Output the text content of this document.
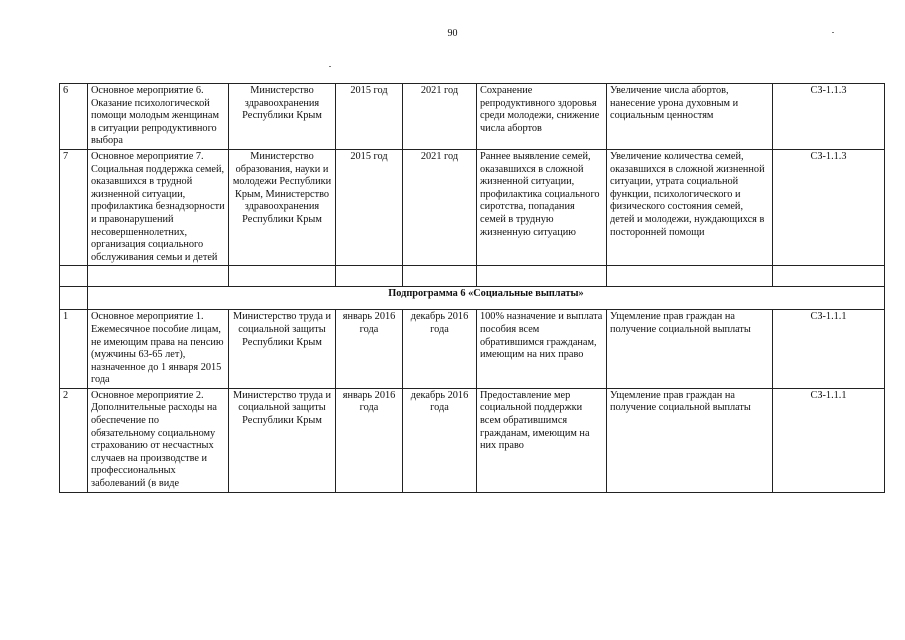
90
6	Основное мероприятие 6. Оказание психологической помощи молодым женщинам в ситуации репродуктивного выбора	Министерство здравоохранения Республики Крым	2015 год	2021 год	Сохранение репродуктивного здоровья среди молодежи, снижение числа абортов	Увеличение числа абортов, нанесение урона духовным и социальным ценностям	СЗ-1.1.3
7	Основное мероприятие 7. Социальная поддержка семей, оказавшихся в трудной жизненной ситуации, профилактика безнадзорности и правонарушений несовершеннолетних, организация социального обслуживания семьи и детей	Министерство образования, науки и молодежи Республики Крым, Министерство здравоохранения Республики Крым	2015 год	2021 год	Раннее выявление семей, оказавшихся в сложной жизненной ситуации, профилактика социального сиротства, попадания семей в трудную жизненную ситуацию	Увеличение количества семей, оказавшихся в сложной жизненной ситуации, утрата социальной функции, психологического и физического состояния семей, детей и молодежи, нуждающихся в посторонней помощи	СЗ-1.1.3

	Подпрограмма 6 «Социальные выплаты»						
1	Основное мероприятие 1. Ежемесячное пособие лицам, не имеющим права на пенсию (мужчины 63-65 лет), назначенное до 1 января 2015 года	Министерство труда и социальной защиты Республики Крым	январь 2016 года	декабрь 2016 года	100% назначение и выплата пособия всем обратившимся гражданам, имеющим на них право	Ущемление прав граждан на получение социальной выплаты	СЗ-1.1.1
2	Основное мероприятие 2. Дополнительные расходы на обеспечение по обязательному социальному страхованию от несчастных случаев на производстве и профессиональных заболеваний (в виде	Министерство труда и социальной защиты Республики Крым	январь 2016 года	декабрь 2016 года	Предоставление мер социальной поддержки всем обратившимся гражданам, имеющим на них право	Ущемление прав граждан на получение социальной выплаты	СЗ-1.1.1
